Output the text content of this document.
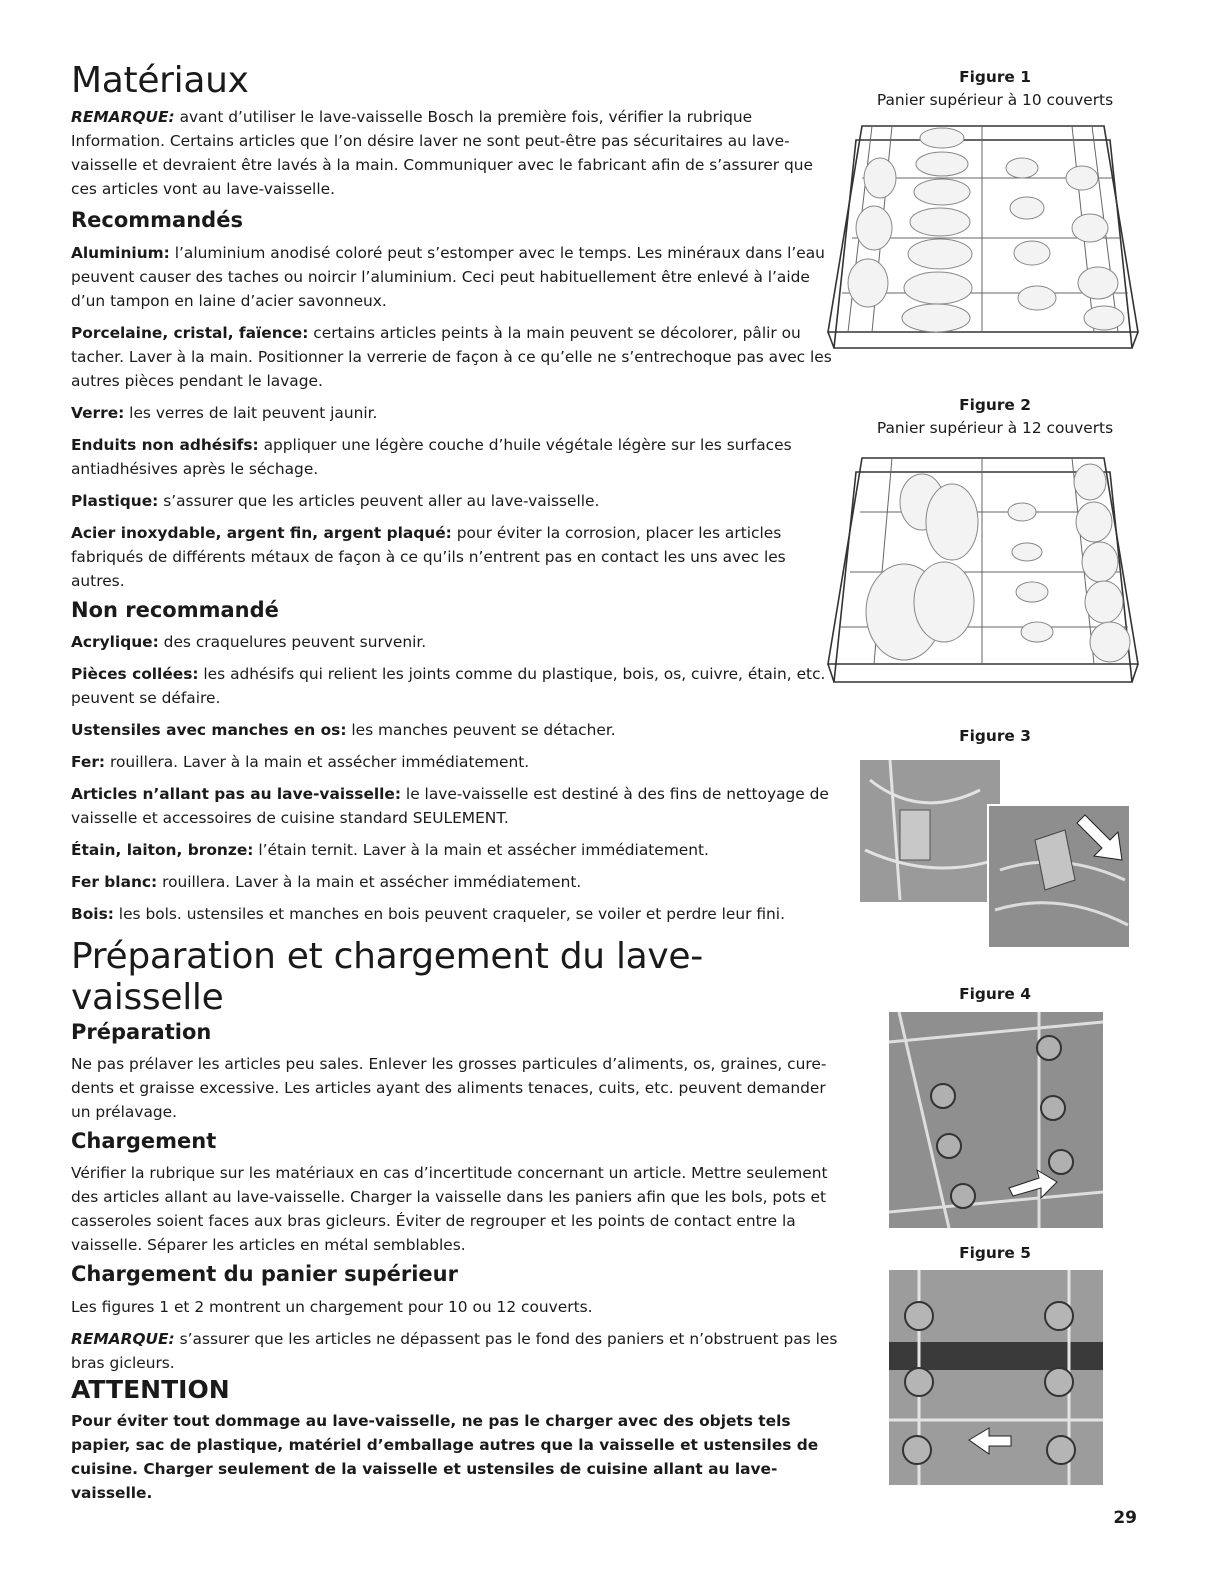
Matériaux

REMARQUE: avant d’utiliser le lave-vaisselle Bosch la première fois, vérifier la rubrique Information. Certains articles que l’on désire laver ne sont peut-être pas sécuritaires au lave-vaisselle et devraient être lavés à la main. Communiquer avec le fabricant afin de s’assurer que ces articles vont au lave-vaisselle.

Recommandés

Aluminium: l’aluminium anodisé coloré peut s’estomper avec le temps. Les minéraux dans l’eau peuvent causer des taches ou noircir l’aluminium. Ceci peut habituellement être enlevé à l’aide d’un tampon en laine d’acier savonneux.

Porcelaine, cristal, faïence: certains articles peints à la main peuvent se décolorer, pâlir ou tacher. Laver à la main. Positionner la verrerie de façon à ce qu’elle ne s’entrechoque pas avec les autres pièces pendant le lavage.

Verre: les verres de lait peuvent jaunir.

Enduits non adhésifs: appliquer une légère couche d’huile végétale légère sur les surfaces antiadhésives après le séchage.

Plastique: s’assurer que les articles peuvent aller au lave-vaisselle.

Acier inoxydable, argent fin, argent plaqué: pour éviter la corrosion, placer les articles fabriqués de différents métaux de façon à ce qu’ils n’entrent pas en contact les uns avec les autres.

Non recommandé

Acrylique: des craquelures peuvent survenir.

Pièces collées: les adhésifs qui relient les joints comme du plastique, bois, os, cuivre, étain, etc. peuvent se défaire.

Ustensiles avec manches en os: les manches peuvent se détacher.

Fer: rouillera. Laver à la main et assécher immédiatement.

Articles n’allant pas au lave-vaisselle: le lave-vaisselle est destiné à des fins de nettoyage de vaisselle et accessoires de cuisine standard SEULEMENT.

Étain, laiton, bronze: l’étain ternit. Laver à la main et assécher immédiatement.

Fer blanc: rouillera. Laver à la main et assécher immédiatement.

Bois: les bols. ustensiles et manches en bois peuvent craqueler, se voiler et perdre leur fini.

Préparation et chargement du lave-vaisselle
Préparation

Ne pas prélaver les articles peu sales. Enlever les grosses particules d’aliments, os, graines, cure-dents et graisse excessive. Les articles ayant des aliments tenaces, cuits, etc. peuvent demander un prélavage.

Chargement

Vérifier la rubrique sur les matériaux en cas d’incertitude concernant un article. Mettre seulement des articles allant au lave-vaisselle. Charger la vaisselle dans les paniers afin que les bols, pots et casseroles soient faces aux bras gicleurs. Éviter de regrouper et les points de contact entre la vaisselle. Séparer les articles en métal semblables.

Chargement du panier supérieur

Les figures 1 et 2 montrent un chargement pour 10 ou 12 couverts.

REMARQUE: s’assurer que les articles ne dépassent pas le fond des paniers et n’obstruent pas les bras gicleurs.

ATTENTION

Pour éviter tout dommage au lave-vaisselle, ne pas le charger avec des objets tels papier, sac de plastique, matériel d’emballage autres que la vaisselle et ustensiles de cuisine. Charger seulement de la vaisselle et ustensiles de cuisine allant au lave-vaisselle.

Figure 1
Panier supérieur à 10 couverts
Figure 2
Panier supérieur à 12 couverts
Figure 3
Figure 4
Figure 5
29
